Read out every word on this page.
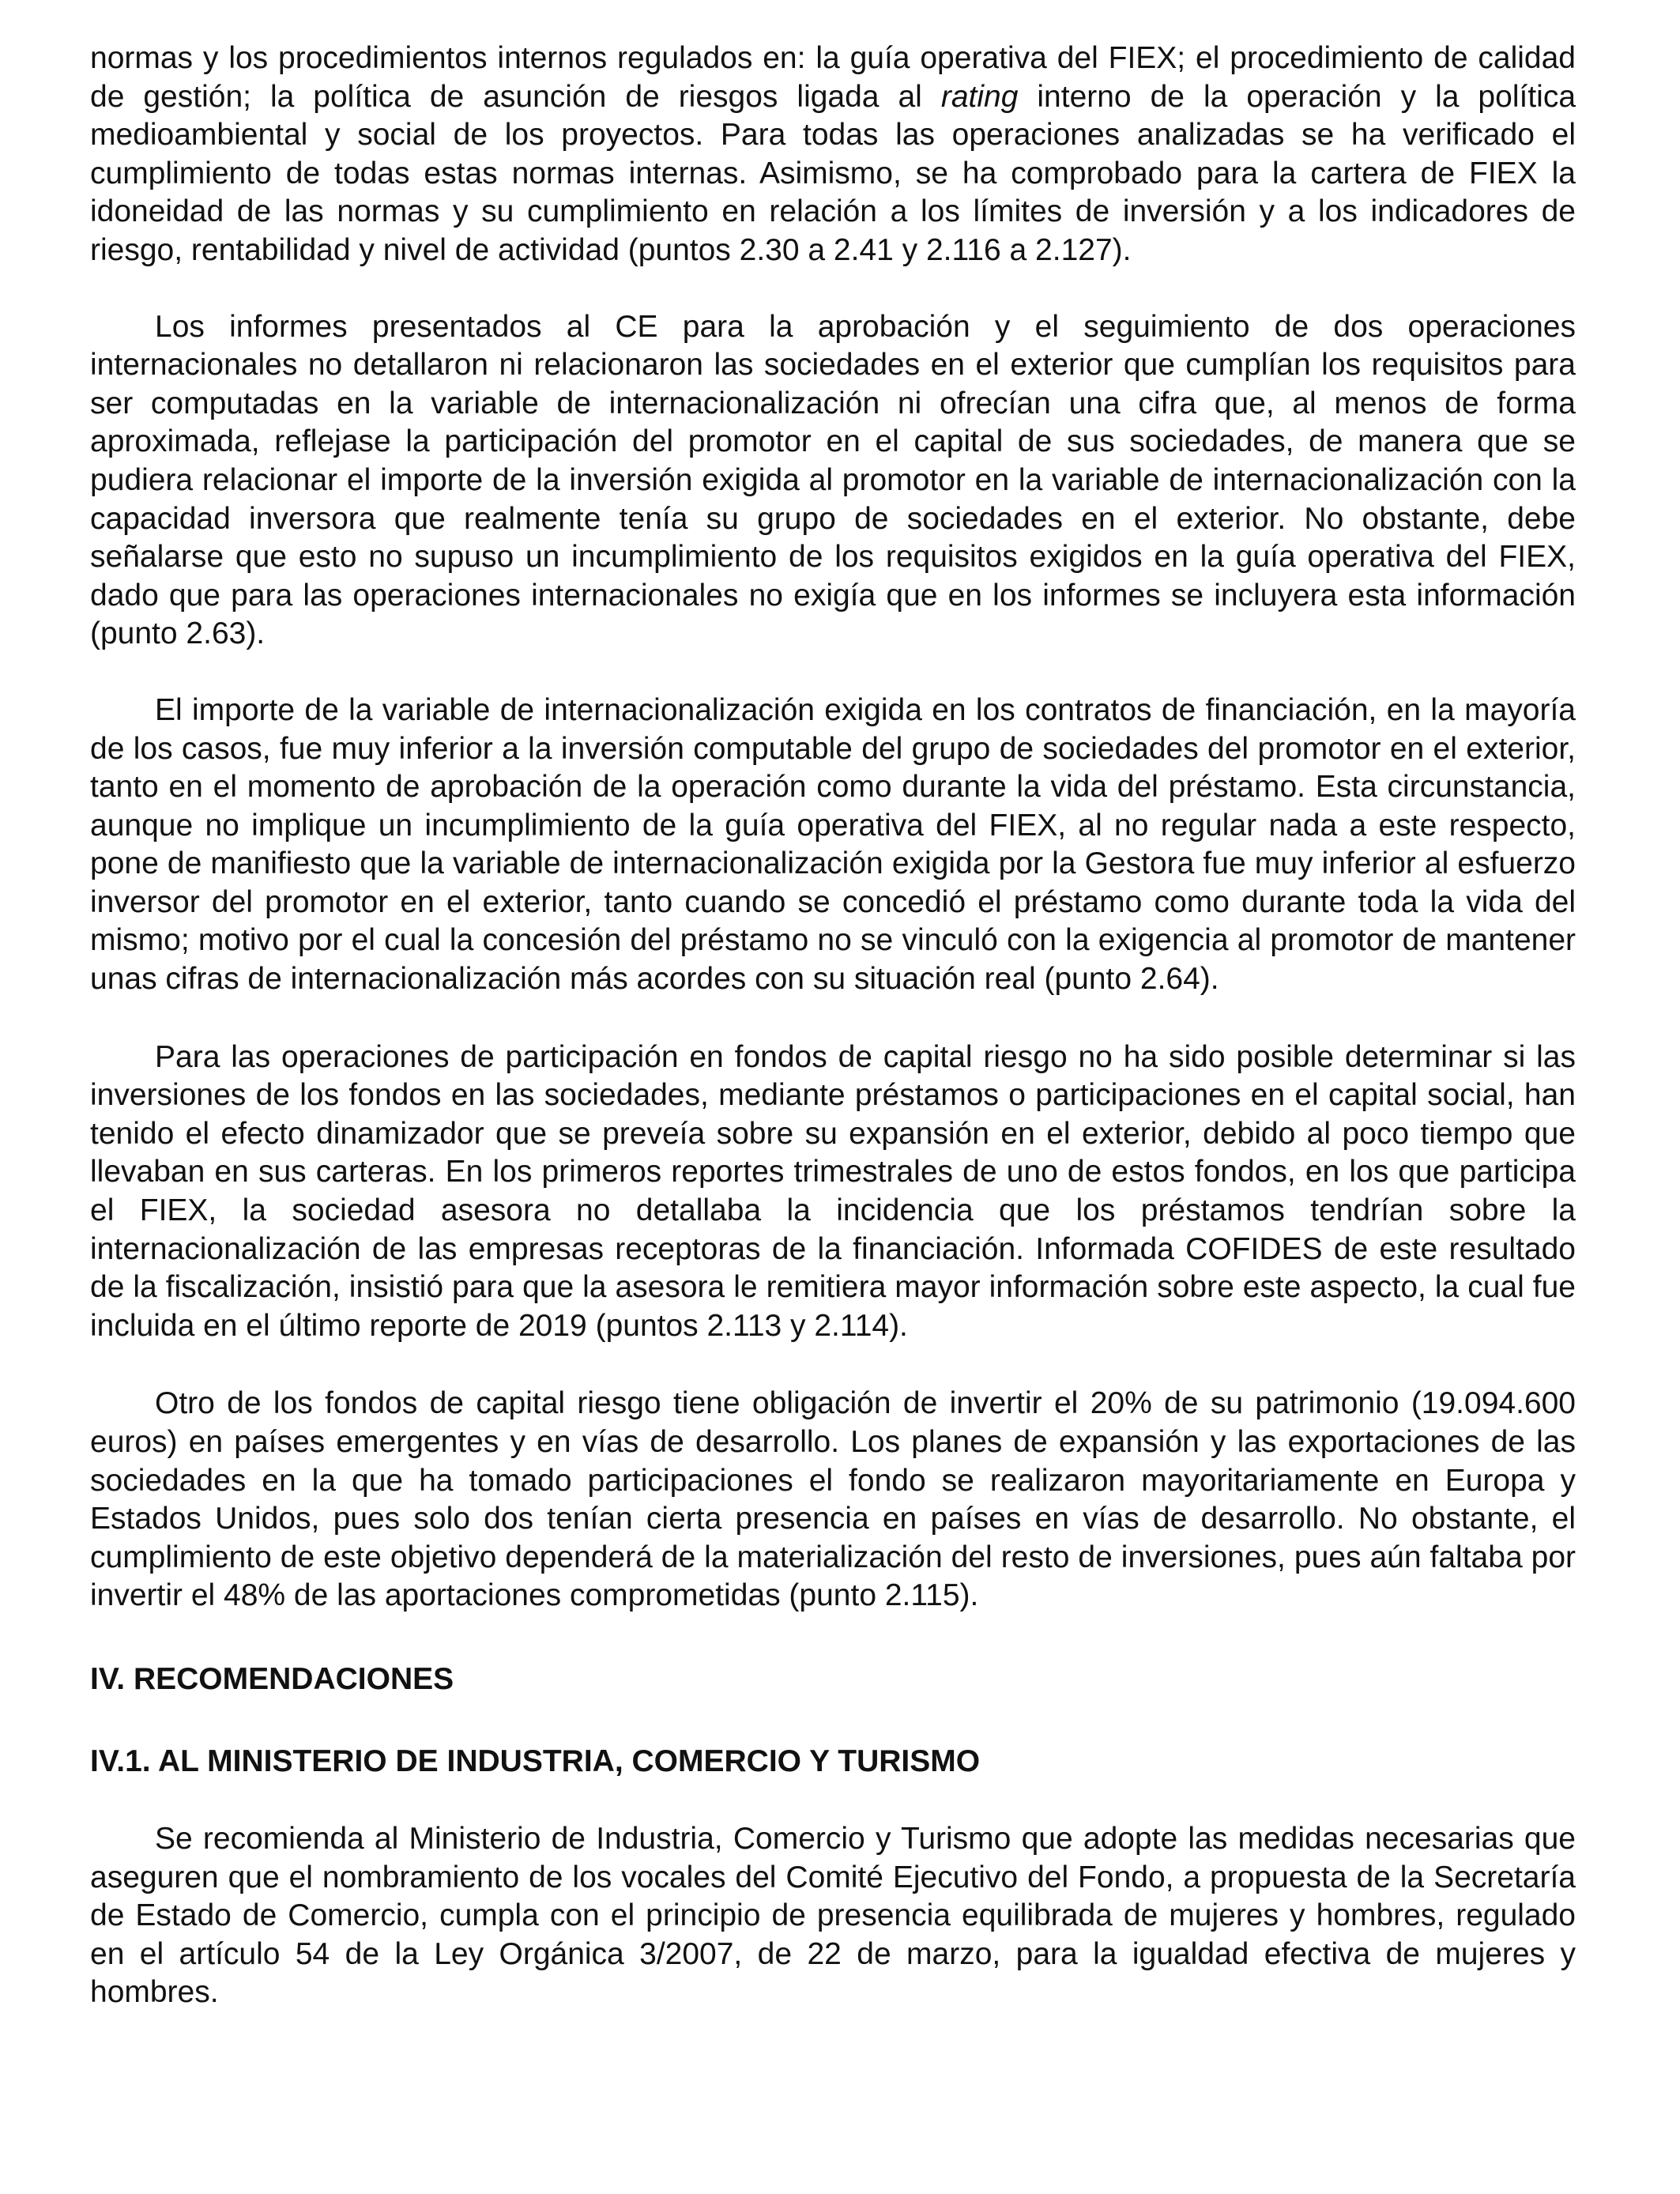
normas y los procedimientos internos regulados en: la guía operativa del FIEX; el procedimiento de calidad de gestión; la política de asunción de riesgos ligada al rating interno de la operación y la política medioambiental y social de los proyectos. Para todas las operaciones analizadas se ha verificado el cumplimiento de todas estas normas internas. Asimismo, se ha comprobado para la cartera de FIEX la idoneidad de las normas y su cumplimiento en relación a los límites de inversión y a los indicadores de riesgo, rentabilidad y nivel de actividad (puntos 2.30 a 2.41 y 2.116 a 2.127).

Los informes presentados al CE para la aprobación y el seguimiento de dos operaciones internacionales no detallaron ni relacionaron las sociedades en el exterior que cumplían los requisitos para ser computadas en la variable de internacionalización ni ofrecían una cifra que, al menos de forma aproximada, reflejase la participación del promotor en el capital de sus sociedades, de manera que se pudiera relacionar el importe de la inversión exigida al promotor en la variable de internacionalización con la capacidad inversora que realmente tenía su grupo de sociedades en el exterior. No obstante, debe señalarse que esto no supuso un incumplimiento de los requisitos exigidos en la guía operativa del FIEX, dado que para las operaciones internacionales no exigía que en los informes se incluyera esta información (punto 2.63).

El importe de la variable de internacionalización exigida en los contratos de financiación, en la mayoría de los casos, fue muy inferior a la inversión computable del grupo de sociedades del promotor en el exterior, tanto en el momento de aprobación de la operación como durante la vida del préstamo. Esta circunstancia, aunque no implique un incumplimiento de la guía operativa del FIEX, al no regular nada a este respecto, pone de manifiesto que la variable de internacionalización exigida por la Gestora fue muy inferior al esfuerzo inversor del promotor en el exterior, tanto cuando se concedió el préstamo como durante toda la vida del mismo; motivo por el cual la concesión del préstamo no se vinculó con la exigencia al promotor de mantener unas cifras de internacionalización más acordes con su situación real (punto 2.64).

Para las operaciones de participación en fondos de capital riesgo no ha sido posible determinar si las inversiones de los fondos en las sociedades, mediante préstamos o participaciones en el capital social, han tenido el efecto dinamizador que se preveía sobre su expansión en el exterior, debido al poco tiempo que llevaban en sus carteras. En los primeros reportes trimestrales de uno de estos fondos, en los que participa el FIEX, la sociedad asesora no detallaba la incidencia que los préstamos tendrían sobre la internacionalización de las empresas receptoras de la financiación. Informada COFIDES de este resultado de la fiscalización, insistió para que la asesora le remitiera mayor información sobre este aspecto, la cual fue incluida en el último reporte de 2019 (puntos 2.113 y 2.114).

Otro de los fondos de capital riesgo tiene obligación de invertir el 20% de su patrimonio (19.094.600 euros) en países emergentes y en vías de desarrollo. Los planes de expansión y las exportaciones de las sociedades en la que ha tomado participaciones el fondo se realizaron mayoritariamente en Europa y Estados Unidos, pues solo dos tenían cierta presencia en países en vías de desarrollo. No obstante, el cumplimiento de este objetivo dependerá de la materialización del resto de inversiones, pues aún faltaba por invertir el 48% de las aportaciones comprometidas (punto 2.115).

IV. RECOMENDACIONES
IV.1. AL MINISTERIO DE INDUSTRIA, COMERCIO Y TURISMO

Se recomienda al Ministerio de Industria, Comercio y Turismo que adopte las medidas necesarias que aseguren que el nombramiento de los vocales del Comité Ejecutivo del Fondo, a propuesta de la Secretaría de Estado de Comercio, cumpla con el principio de presencia equilibrada de mujeres y hombres, regulado en el artículo 54 de la Ley Orgánica 3/2007, de 22 de marzo, para la igualdad efectiva de mujeres y hombres.
